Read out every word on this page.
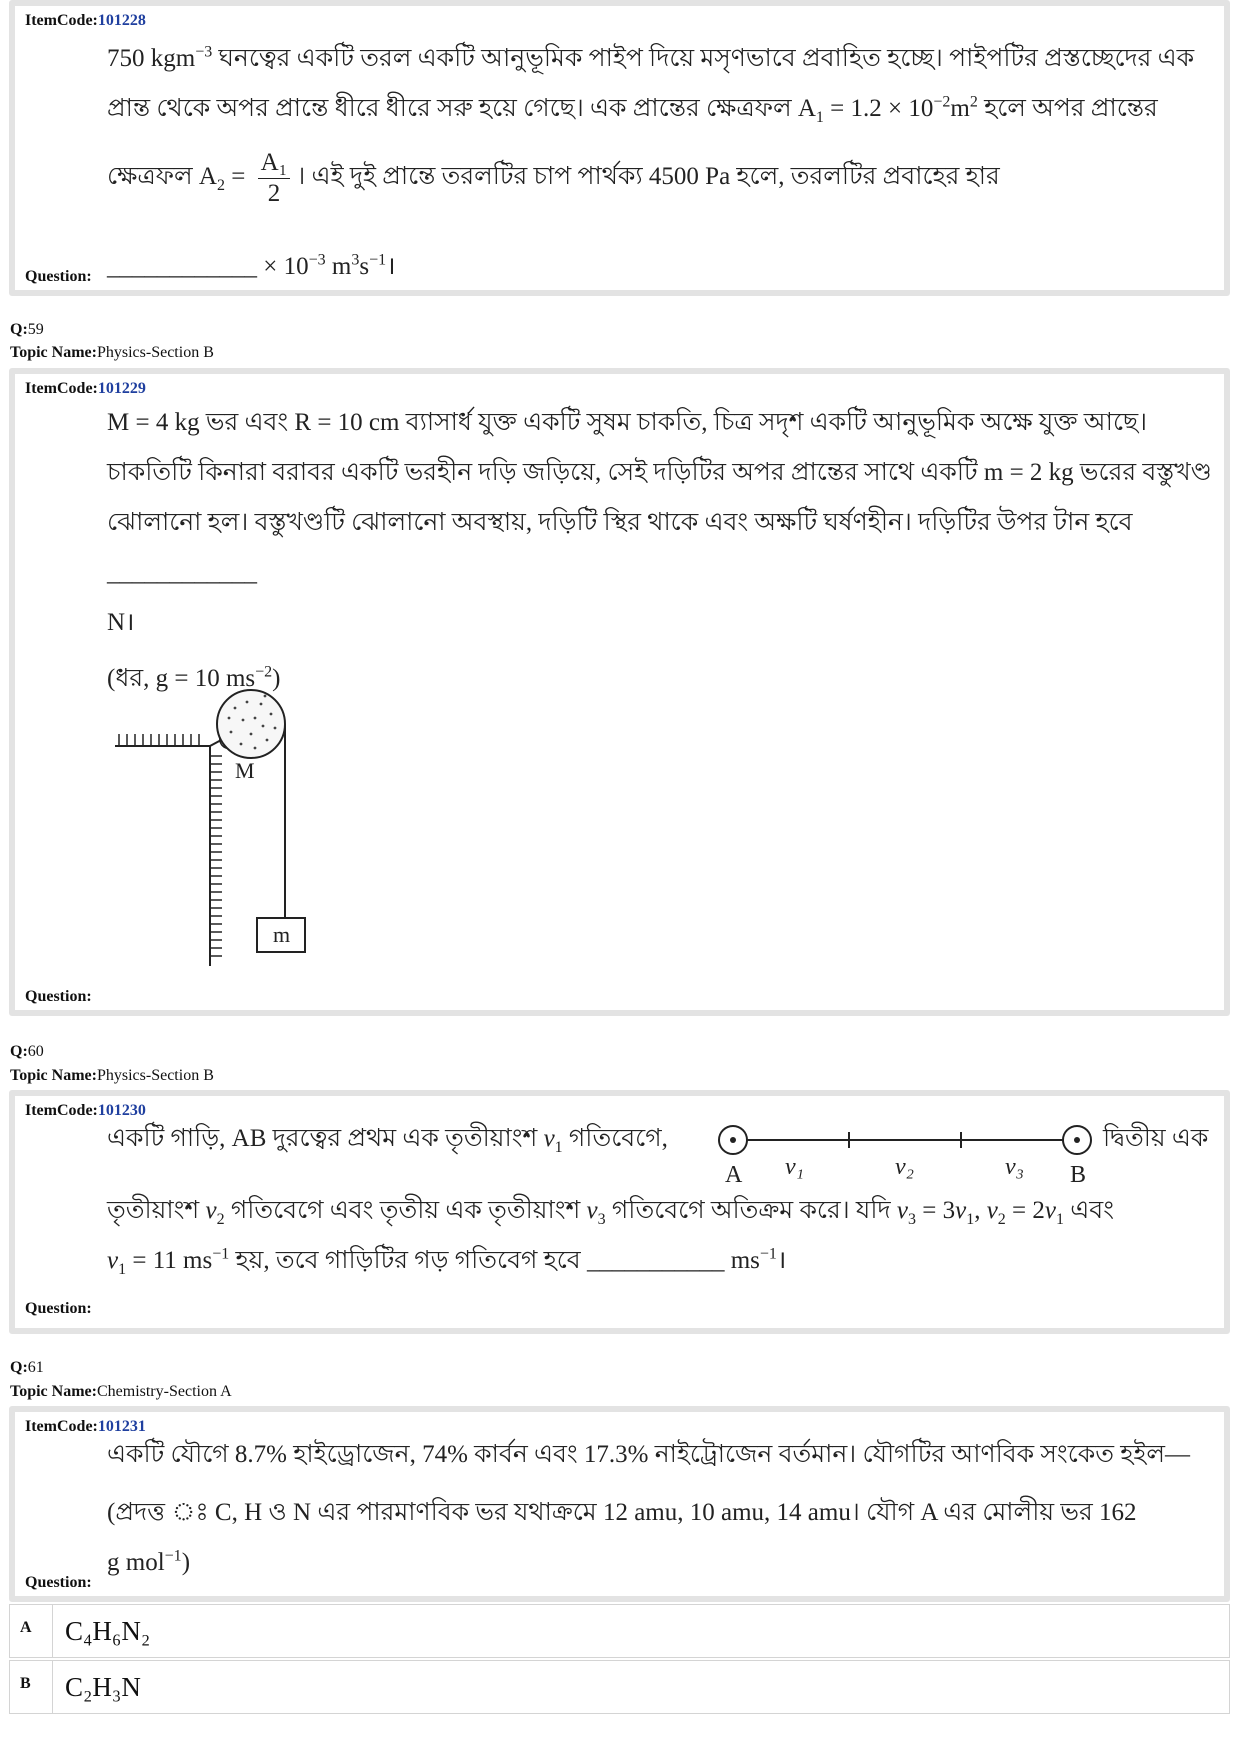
ItemCode:101228
750 kgm$^{-3}$ ঘনত্বের একটি তরল একটি আনুভূমিক পাইপ দিয়ে মসৃণভাবে প্রবাহিত হচ্ছে। পাইপটির প্রস্তচ্ছেদের এক
প্রান্ত থেকে অপর প্রান্তে ধীরে ধীরে সরু হয়ে গেছে। এক প্রান্তের ক্ষেত্রফল $A_1 = 1.2 \times 10^{-2}m^2$ হলে অপর প্রান্তের
ক্ষেত্রফল $A_2 = \frac{\text{A₁}}{2}$ । এই দুই প্রান্তে তরলটির চাপ পার্থক্য 4500 Pa হলে, তরলটির প্রবাহের হার
Question: ____________ × $10^{-3}$ $m^3s^{-1}।$
Q:59
Topic Name:Physics-Section B
ItemCode:101229
M = 4 kg ভর এবং R = 10 cm ব্যাসার্ধ যুক্ত একটি সুষম চাকতি, চিত্র সদৃশ একটি আনুভূমিক অক্ষে যুক্ত আছে।
চাকতিটি কিনারা বরাবর একটি ভরহীন দড়ি জড়িয়ে, সেই দড়িটির অপর প্রান্তের সাথে একটি m = 2 kg ভরের বস্তুখণ্ড
ঝোলানো হল। বস্তুখণ্ডটি ঝোলানো অবস্থায়, দড়িটি স্থির থাকে এবং অক্ষটি ঘর্ষণহীন। দড়িটির উপর টান হবে ____________
N।
(ধর, g = 10 $ms^{-2}$)
M
m
Question:
Q:60
Topic Name:Physics-Section B
ItemCode:101230
একটি গাড়ি, AB দুরত্বের প্রথম এক তৃতীয়াংশ $v_1$ গতিবেগে,
A	B
v₁	v₂	v₃
দ্বিতীয় এক
তৃতীয়াংশ $v_2$ গতিবেগে এবং তৃতীয় এক তৃতীয়াংশ $v_3$ গতিবেগে অতিক্রম করে। যদি $v_3 = 3v_1$, $v_2 = 2v_1$ এবং
$v_1 = 11$ $ms^{-1}$ হয়, তবে গাড়িটির গড় গতিবেগ হবে ___________ $ms^{-1}।$
Question:
Q:61
Topic Name:Chemistry-Section A
ItemCode:101231
একটি যৌগে 8.7% হাইড্রোজেন, 74% কার্বন এবং 17.3% নাইট্রোজেন বর্তমান। যৌগটির আণবিক সংকেত হইল—
(প্রদত্ত ঃ C, H ও N এর পারমাণবিক ভর যথাক্রমে 12 amu, 10 amu, 14 amu। যৌগ A এর মোলীয় ভর 162
g mol$^{-1}$)
Question:
A	C₄H₆N₂
B	C₂H₃N
